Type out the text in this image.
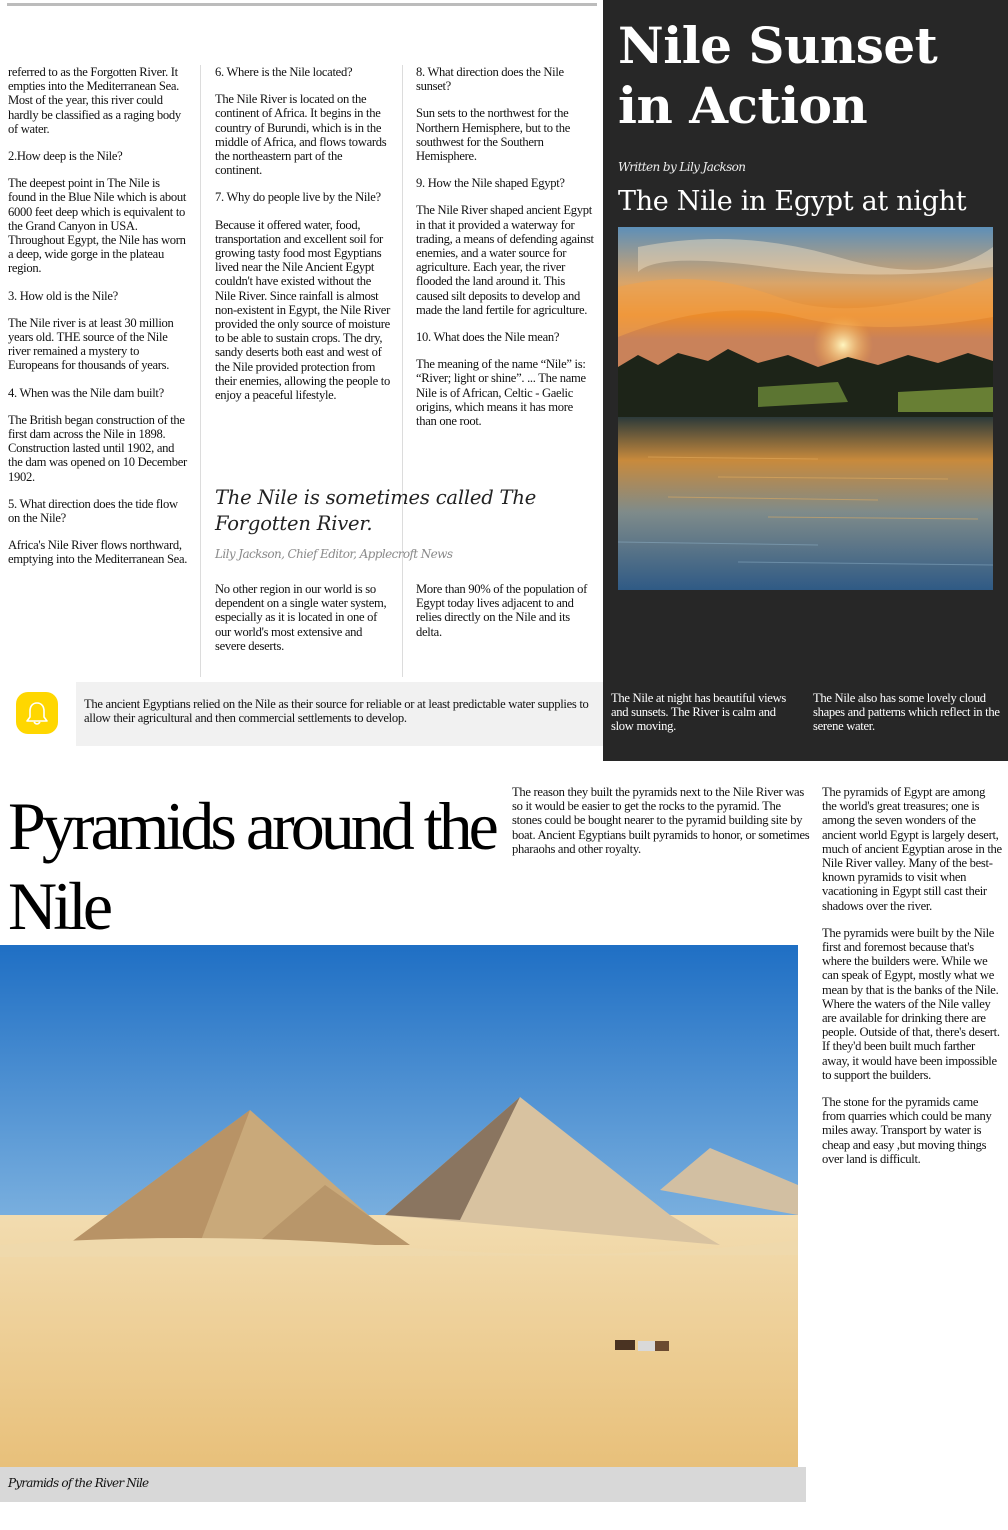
referred to as the Forgotten River. It empties into the Mediterranean Sea. Most of the year, this river could hardly be classified as a raging body of water.

2.How deep is the Nile?

The deepest point in The Nile is found in the Blue Nile which is about 6000 feet deep which is equivalent to the Grand Canyon in USA. Throughout Egypt, the Nile has worn a deep, wide gorge in the plateau region.

3. How old is the Nile?

The Nile river is at least 30 million years old. THE source of the Nile river remained a mystery to Europeans for thousands of years.

4. When was the Nile dam built?

The British began construction of the first dam across the Nile in 1898. Construction lasted until 1902, and the dam was opened on 10 December 1902.

5. What direction does the tide flow on the Nile?

Africa's Nile River flows northward, emptying into the Mediterranean Sea.

6. Where is the Nile located?

The Nile River is located on the continent of Africa. It begins in the country of Burundi, which is in the middle of Africa, and flows towards the northeastern part of the continent.

7. Why do people live by the Nile?

Because it offered water, food, transportation and excellent soil for growing tasty food most Egyptians lived near the Nile Ancient Egypt couldn't have existed without the Nile River. Since rainfall is almost non-existent in Egypt, the Nile River provided the only source of moisture to be able to sustain crops. The dry, sandy deserts both east and west of the Nile provided protection from their enemies, allowing the people to enjoy a peaceful lifestyle.

8. What direction does the Nile sunset?

Sun sets to the northwest for the Northern Hemisphere, but to the southwest for the Southern Hemisphere.

9. How the Nile shaped Egypt?

The Nile River shaped ancient Egypt in that it provided a waterway for trading, a means of defending against enemies, and a water source for agriculture. Each year, the river flooded the land around it. This caused silt deposits to develop and made the land fertile for agriculture.

10. What does the Nile mean?

The meaning of the name “Nile” is: “River; light or shine”. ... The name Nile is of African, Celtic - Gaelic origins, which means it has more than one root.

The Nile is sometimes called The Forgotten River.
Lily Jackson, Chief Editor, Applecroft News
No other region in our world is so dependent on a single water system, especially as it is located in one of our world's most extensive and severe deserts.
More than 90% of the population of Egypt today lives adjacent to and relies directly on the Nile and its delta.
The ancient Egyptians relied on the Nile as their source for reliable or at least predictable water supplies to allow their agricultural and then commercial settlements to develop.
Nile Sunset in Action
Written by Lily Jackson
The Nile in Egypt at night
The Nile at night has beautiful views and sunsets. The River is calm and slow moving.
The Nile also has some lovely cloud shapes and patterns which reflect in the serene water.
Pyramids around the Nile
The reason they built the pyramids next to the Nile River was so it would be easier to get the rocks to the pyramid. The stones could be bought nearer to the pyramid building site by boat. Ancient Egyptians built pyramids to honor, or sometimes pharaohs and other royalty.

The pyramids of Egypt are among the world's great treasures; one is among the seven wonders of the ancient world Egypt is largely desert, much of ancient Egyptian arose in the Nile River valley. Many of the best-known pyramids to visit when vacationing in Egypt still cast their shadows over the river.

The pyramids were built by the Nile first and foremost because that's where the builders were. While we can speak of Egypt, mostly what we mean by that is the banks of the Nile. Where the waters of the Nile valley are available for drinking there are people. Outside of that, there's desert. If they'd been built much farther away, it would have been impossible to support the builders.

The stone for the pyramids came from quarries which could be many miles away. Transport by water is cheap and easy ,but moving things over land is difficult.

Pyramids of the River Nile
